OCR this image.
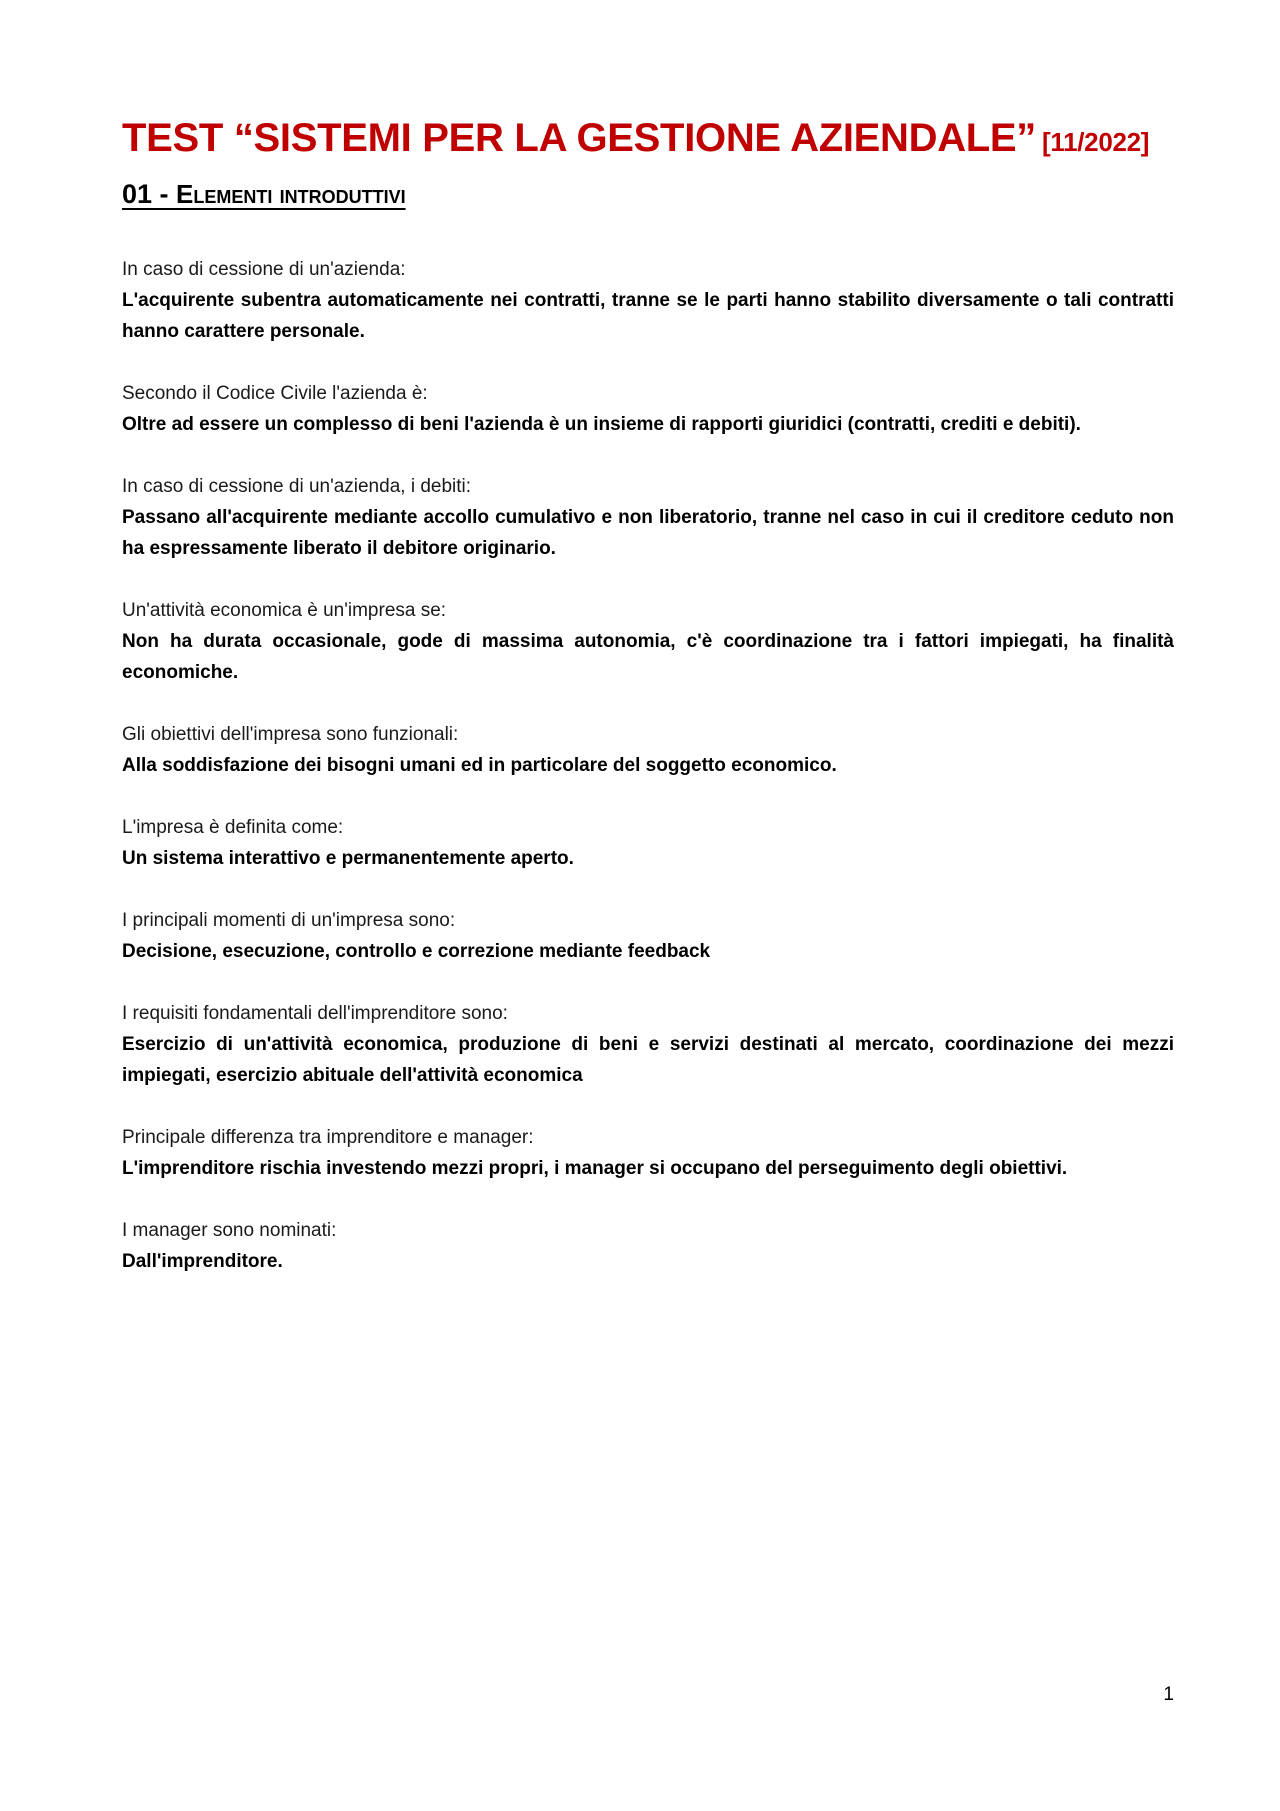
TEST “SISTEMI PER LA GESTIONE AZIENDALE” [11/2022]
01 - Elementi introduttivi
In caso di cessione di un'azienda:
L'acquirente subentra automaticamente nei contratti, tranne se le parti hanno stabilito diversamente o tali contratti hanno carattere personale.
Secondo il Codice Civile l'azienda è:
Oltre ad essere un complesso di beni l'azienda è un insieme di rapporti giuridici (contratti, crediti e debiti).
In caso di cessione di un'azienda, i debiti:
Passano all'acquirente mediante accollo cumulativo e non liberatorio, tranne nel caso in cui il creditore ceduto non ha espressamente liberato il debitore originario.
Un'attività economica è un'impresa se:
Non ha durata occasionale, gode di massima autonomia, c'è coordinazione tra i fattori impiegati, ha finalità economiche.
Gli obiettivi dell'impresa sono funzionali:
Alla soddisfazione dei bisogni umani ed in particolare del soggetto economico.
L'impresa è definita come:
Un sistema interattivo e permanentemente aperto.
I principali momenti di un'impresa sono:
Decisione, esecuzione, controllo e correzione mediante feedback
I requisiti fondamentali dell'imprenditore sono:
Esercizio di un'attività economica, produzione di beni e servizi destinati al mercato, coordinazione dei mezzi impiegati, esercizio abituale dell'attività economica
Principale differenza tra imprenditore e manager:
L'imprenditore rischia investendo mezzi propri, i manager si occupano del perseguimento degli obiettivi.
I manager sono nominati:
Dall'imprenditore.
1
